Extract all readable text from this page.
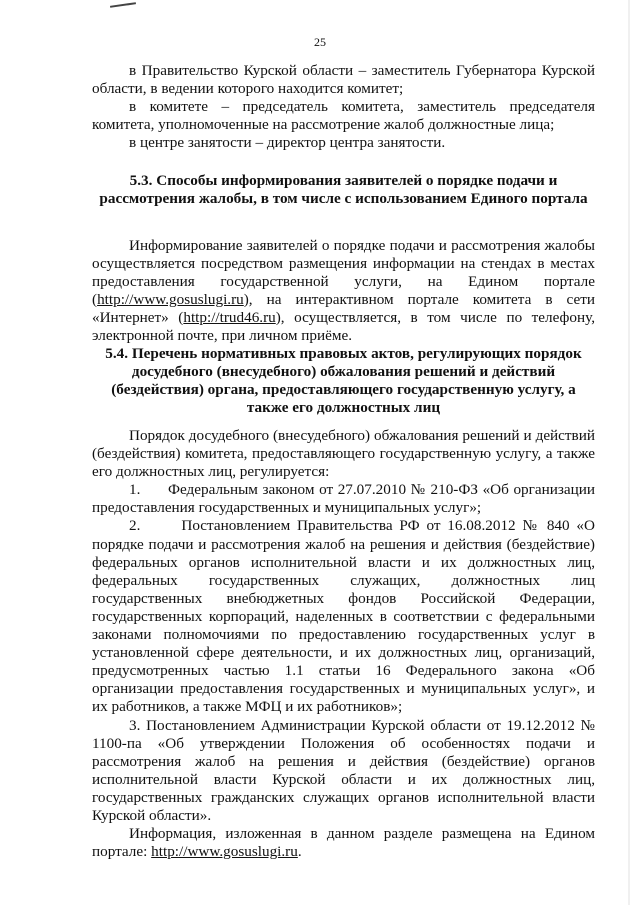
25

в Правительство Курской области – заместитель Губернатора Курской области, в ведении которого находится комитет;

в комитете – председатель комитета, заместитель председателя комитета, уполномоченные на рассмотрение жалоб должностные лица;

в центре занятости – директор центра занятости.

5.3. Способы информирования заявителей о порядке подачи и

рассмотрения жалобы, в том числе с использованием Единого портала

Информирование заявителей о порядке подачи и рассмотрения жалобы осуществляется посредством размещения информации на стендах в местах предоставления государственной услуги, на Едином портале (http://www.gosuslugi.ru), на интерактивном портале комитета в сети «Интернет» (http://trud46.ru), осуществляется, в том числе по телефону, электронной почте, при личном приёме.

5.4. Перечень нормативных правовых актов, регулирующих порядок

досудебного (внесудебного) обжалования решений и действий

(бездействия) органа, предоставляющего государственную услугу, а

также его должностных лиц

Порядок досудебного (внесудебного) обжалования решений и действий (бездействия) комитета, предоставляющего государственную услугу, а также его должностных лиц, регулируется:

1.      Федеральным законом от 27.07.2010 № 210-ФЗ «Об организации предоставления государственных и муниципальных услуг»;

2.      Постановлением Правительства РФ от 16.08.2012 № 840 «О порядке подачи и рассмотрения жалоб на решения и действия (бездействие) федеральных органов исполнительной власти и их должностных лиц, федеральных государственных служащих, должностных лиц государственных внебюджетных фондов Российской Федерации, государственных корпораций, наделенных в соответствии с федеральными законами полномочиями по предоставлению государственных услуг в установленной сфере деятельности, и их должностных лиц, организаций, предусмотренных частью 1.1 статьи 16 Федерального закона «Об организации предоставления государственных и муниципальных услуг», и их работников, а также МФЦ и их работников»;

3. Постановлением Администрации Курской области от 19.12.2012 № 1100-па «Об утверждении Положения об особенностях подачи и рассмотрения жалоб на решения и действия (бездействие) органов исполнительной власти Курской области и их должностных лиц, государственных гражданских служащих органов исполнительной власти Курской области».

Информация, изложенная в данном разделе размещена на Едином портале: http://www.gosuslugi.ru.
